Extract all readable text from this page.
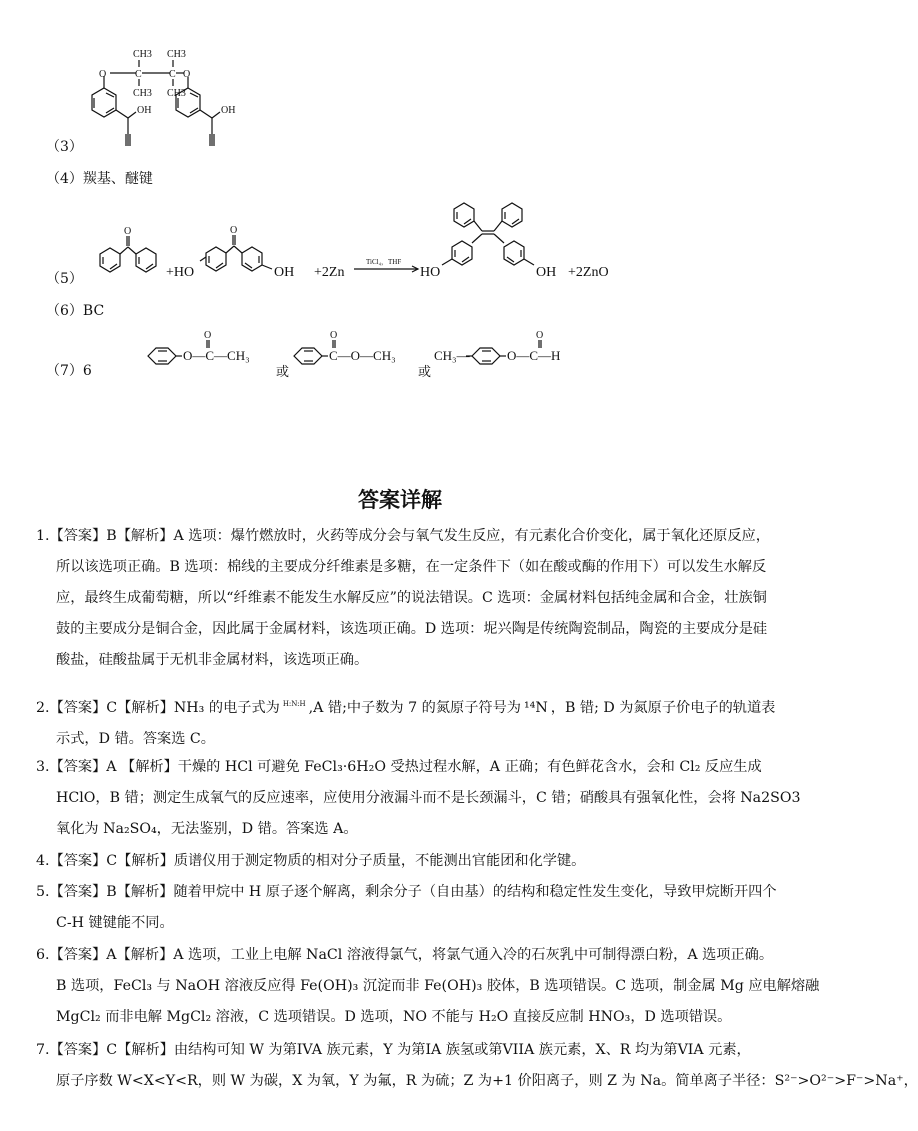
O	C	C O
CH3 CH3
CH3 CH3
OH	OH
（3）
（4）羰基、醚键
（5）
O	O
+HO	OH +2Zn
TiCl₄，THF
HO	OH +2ZnO
（6）BC
（7）6
O
O—C—CH₃
或
O
C—O—CH₃
或
CH₃—
O
O—C—H
答案详解
1.【答案】B【解析】A 选项：爆竹燃放时，火药等成分会与氧气发生反应，有元素化合价变化，属于氧化还原反应，
所以该选项正确。B 选项：棉线的主要成分纤维素是多糖，在一定条件下（如在酸或酶的作用下）可以发生水解反
应，最终生成葡萄糖，所以“纤维素不能发生水解反应”的说法错误。C 选项：金属材料包括纯金属和合金，壮族铜
鼓的主要成分是铜合金，因此属于金属材料，该选项正确。D 选项：坭兴陶是传统陶瓷制品，陶瓷的主要成分是硅
酸盐，硅酸盐属于无机非金属材料，该选项正确。
2.【答案】C【解析】NH₃ 的电子式为 $^{H:N:H}$ ,A 错;中子数为 7 的氮原子符号为 ¹⁴N ，B 错; D 为氮原子价电子的轨道表
示式，D 错。答案选 C。
3.【答案】A 【解析】干燥的 HCl 可避免 FeCl₃·6H₂O 受热过程水解，A 正确；有色鲜花含水，会和 Cl₂ 反应生成
HClO，B 错；测定生成氧气的反应速率，应使用分液漏斗而不是长颈漏斗，C 错；硝酸具有强氧化性，会将 Na2SO3
氧化为 Na₂SO₄，无法鉴别，D 错。答案选 A。
4.【答案】C【解析】质谱仪用于测定物质的相对分子质量，不能测出官能团和化学键。
5.【答案】B【解析】随着甲烷中 H 原子逐个解离，剩余分子（自由基）的结构和稳定性发生变化，导致甲烷断开四个
C-H 键键能不同。
6.【答案】A【解析】A 选项，工业上电解 NaCl 溶液得氯气，将氯气通入冷的石灰乳中可制得漂白粉，A 选项正确。
B 选项，FeCl₃ 与 NaOH 溶液反应得 Fe(OH)₃ 沉淀而非 Fe(OH)₃ 胶体，B 选项错误。C 选项，制金属 Mg 应电解熔融
MgCl₂ 而非电解 MgCl₂ 溶液，C 选项错误。D 选项，NO 不能与 H₂O 直接反应制 HNO₃，D 选项错误。
7.【答案】C【解析】由结构可知 W 为第IVA 族元素，Y 为第IA 族氢或第VIIA 族元素，X、R 均为第VIA 元素，
原子序数 W<X<Y<R，则 W 为碳，X 为氧，Y 为氟，R 为硫；Z 为+1 价阳离子，则 Z 为 Na。简单离子半径：S²⁻>O²⁻>F⁻>Na⁺，
